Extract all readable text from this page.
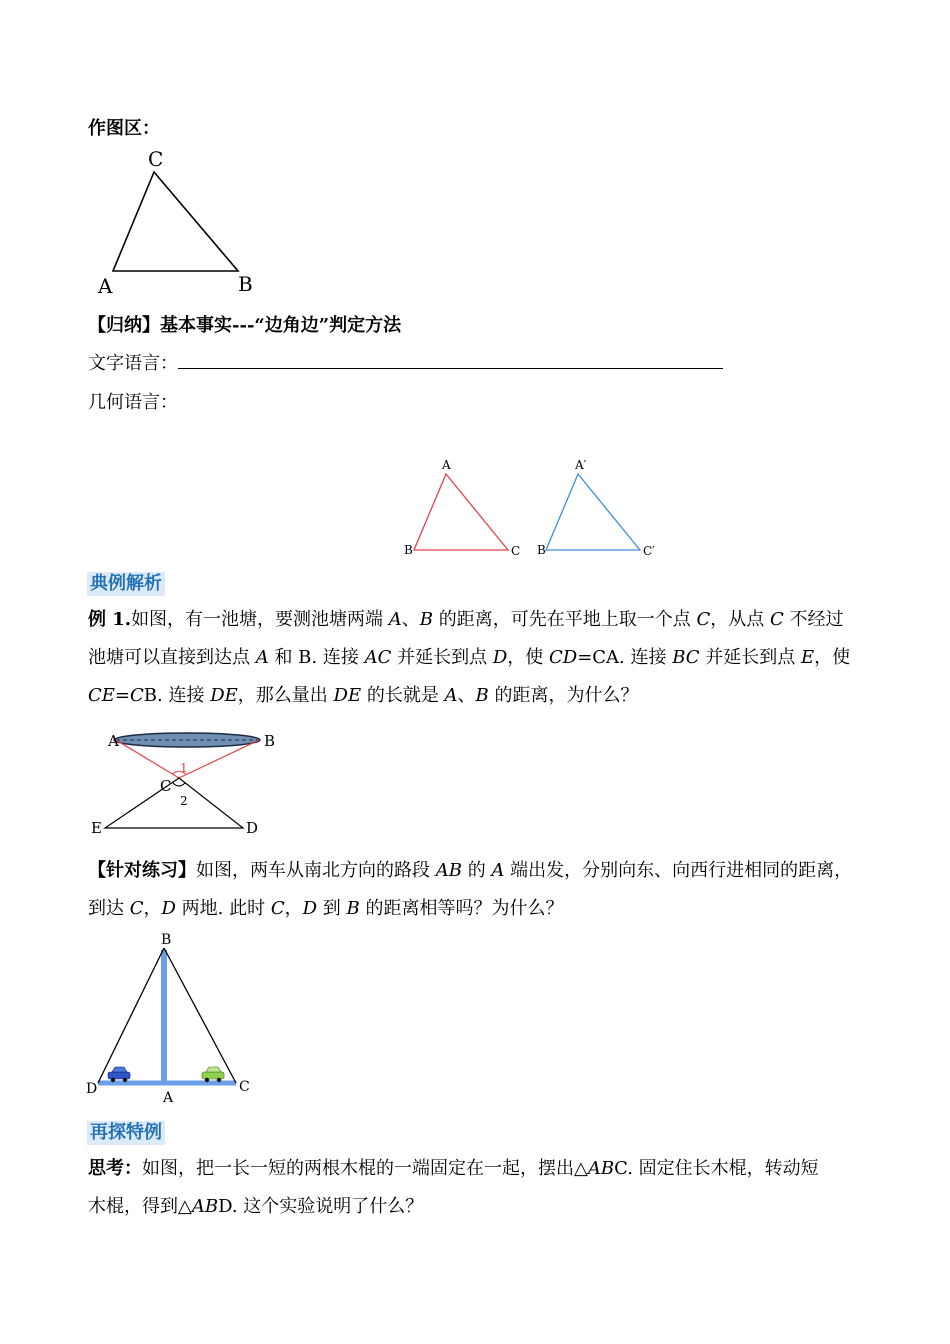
作图区：
C
A	B
【归纳】基本事实---“边角边”判定方法
文字语言：
几何语言：
A
B	C
A′
B	C′
典例解析
例 1.如图，有一池塘，要测池塘两端 A、B 的距离，可先在平地上取一个点 C，从点 C 不经过
池塘可以直接到达点 A 和 B. 连接 AC 并延长到点 D，使 CD=CA. 连接 BC 并延长到点 E，使
CE=CB. 连接 DE，那么量出 DE 的长就是 A、B 的距离，为什么？
A	B
1
C
2
E	D
【针对练习】如图，两车从南北方向的路段 AB 的 A 端出发，分别向东、向西行进相同的距离，
到达 C，D 两地. 此时 C，D 到 B 的距离相等吗？为什么？
B
D	C
A
再探特例
思考：如图，把一长一短的两根木棍的一端固定在一起，摆出△ABC. 固定住长木棍，转动短
木棍，得到△ABD. 这个实验说明了什么？
